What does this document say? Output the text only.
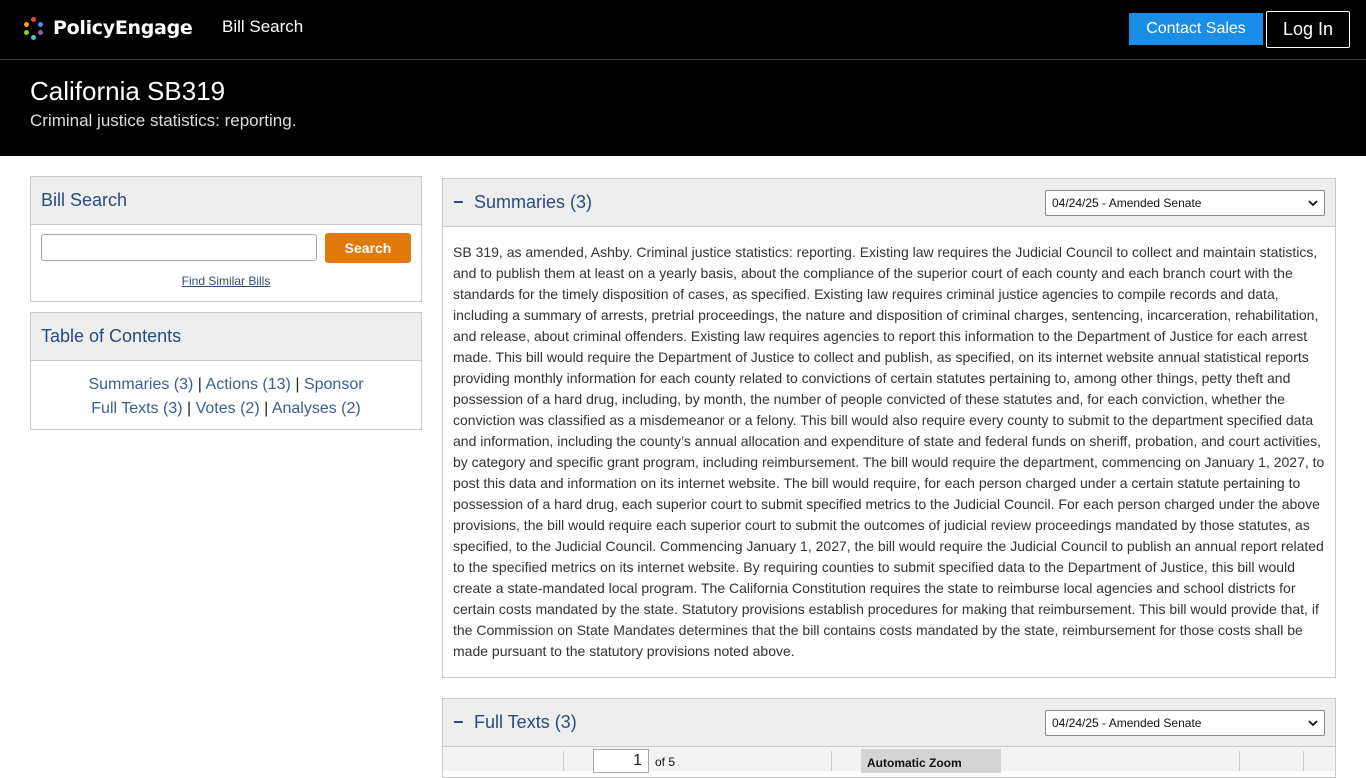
PolicyEngage Bill Search	Contact Sales	Log In
California SB319
Criminal justice statistics: reporting.
Bill Search
Search
Find Similar Bills
Table of Contents
Summaries (3) | Actions (13) | Sponsor
Full Texts (3) | Votes (2) | Analyses (2)
− Summaries (3)	04/24/25 - Amended Senate

SB 319, as amended, Ashby. Criminal justice statistics: reporting. Existing law requires the Judicial Council to collect and maintain statistics, and to publish them at least on a yearly basis, about the compliance of the superior court of each county and each branch court with the standards for the timely disposition of cases, as specified. Existing law requires criminal justice agencies to compile records and data, including a summary of arrests, pretrial proceedings, the nature and disposition of criminal charges, sentencing, incarceration, rehabilitation, and release, about criminal offenders. Existing law requires agencies to report this information to the Department of Justice for each arrest made. This bill would require the Department of Justice to collect and publish, as specified, on its internet website annual statistical reports providing monthly information for each county related to convictions of certain statutes pertaining to, among other things, petty theft and possession of a hard drug, including, by month, the number of people convicted of these statutes and, for each conviction, whether the conviction was classified as a misdemeanor or a felony. This bill would also require every county to submit to the department specified data and information, including the county’s annual allocation and expenditure of state and federal funds on sheriff, probation, and court activities, by category and specific grant program, including reimbursement. The bill would require the department, commencing on January 1, 2027, to post this data and information on its internet website. The bill would require, for each person charged under a certain statute pertaining to possession of a hard drug, each superior court to submit specified metrics to the Judicial Council. For each person charged under the above provisions, the bill would require each superior court to submit the outcomes of judicial review proceedings mandated by those statutes, as specified, to the Judicial Council. Commencing January 1, 2027, the bill would require the Judicial Council to publish an annual report related to the specified metrics on its internet website. By requiring counties to submit specified data to the Department of Justice, this bill would create a state-mandated local program. The California Constitution requires the state to reimburse local agencies and school districts for certain costs mandated by the state. Statutory provisions establish procedures for making that reimbursement. This bill would provide that, if the Commission on State Mandates determines that the bill contains costs mandated by the state, reimbursement for those costs shall be made pursuant to the statutory provisions noted above.

− Full Texts (3)	04/24/25 - Amended Senate
1	of 5	Automatic Zoom
